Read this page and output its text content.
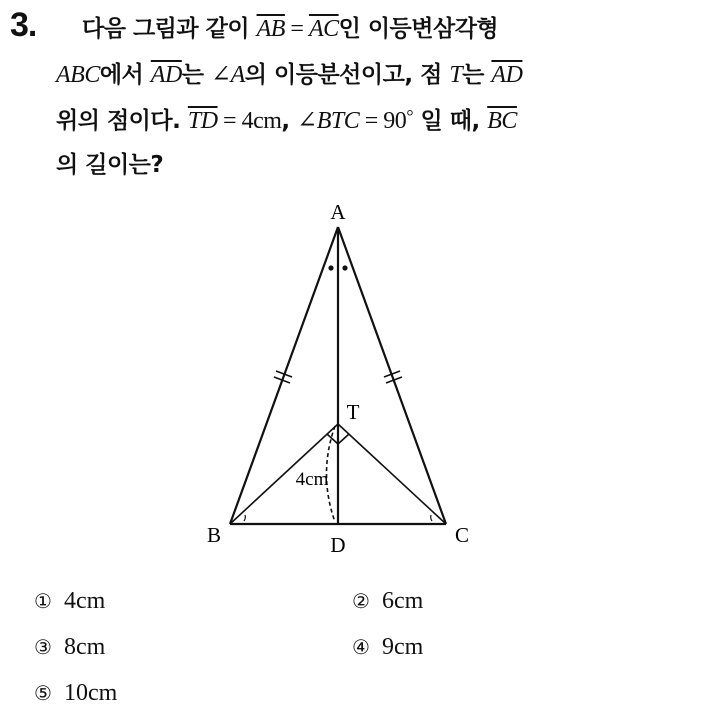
3. 다음 그림과 같이 $\overline{AB} = \overline{AC}$인 이등변삼각형
ABC에서 $\overline{AD}$는 ∠A의 이등분선이고, 점 T는 $\overline{AD}$
위의 점이다. $\overline{TD} = 4cm$, ∠BTC = 90° 일 때, $\overline{BC}$
의 길이는?
A
B	C
D
T
4cm
① 4cm	② 6cm
③ 8cm	④ 9cm
⑤ 10cm
